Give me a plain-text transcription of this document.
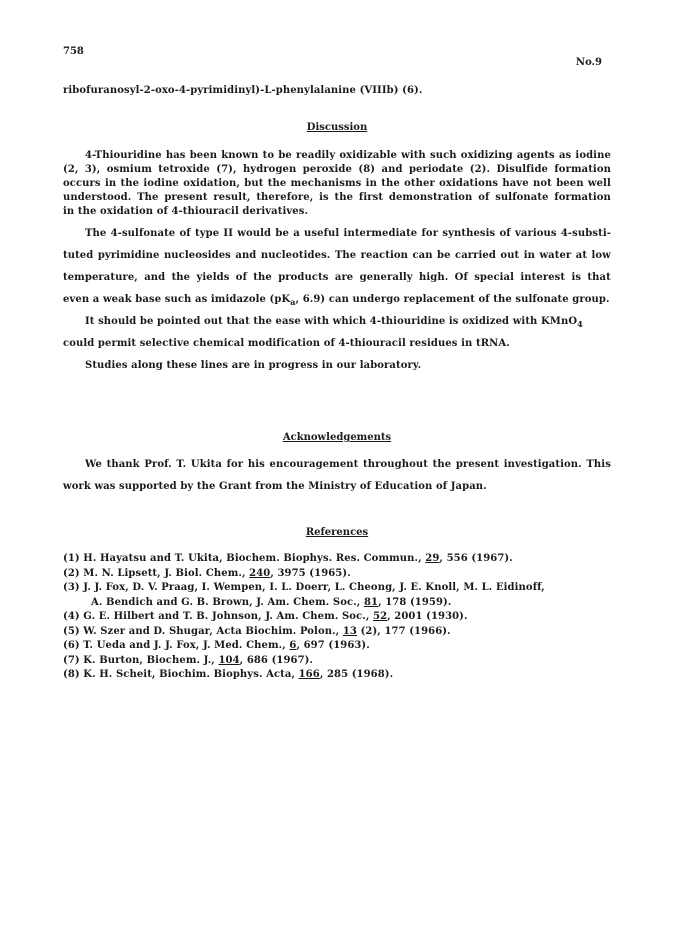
758
No.9
ribofuranosyl-2-oxo-4-pyrimidinyl)-L-phenylalanine (VIIIb) (6).
Discussion
4-Thiouridine has been known to be readily oxidizable with such oxidizing agents as iodine
(2, 3), osmium tetroxide (7), hydrogen peroxide (8) and periodate (2). Disulfide formation
occurs in the iodine oxidation, but the mechanisms in the other oxidations have not been well
understood. The present result, therefore, is the first demonstration of sulfonate formation
in the oxidation of 4-thiouracil derivatives.
The 4-sulfonate of type II would be a useful intermediate for synthesis of various 4-substi-
tuted pyrimidine nucleosides and nucleotides. The reaction can be carried out in water at low
temperature, and the yields of the products are generally high. Of special interest is that
even a weak base such as imidazole ($pK_a$, 6.9) can undergo replacement of the sulfonate group.
It should be pointed out that the ease with which 4-thiouridine is oxidized with KMnO$_4$
could permit selective chemical modification of 4-thiouracil residues in tRNA.
Studies along these lines are in progress in our laboratory.
Acknowledgements
We thank Prof. T. Ukita for his encouragement throughout the present investigation. This
work was supported by the Grant from the Ministry of Education of Japan.
References
(1) H. Hayatsu and T. Ukita, Biochem. Biophys. Res. Commun., 29, 556 (1967).
(2) M. N. Lipsett, J. Biol. Chem., 240, 3975 (1965).
(3) J. J. Fox, D. V. Praag, I. Wempen, I. L. Doerr, L. Cheong, J. E. Knoll, M. L. Eidinoff,
A. Bendich and G. B. Brown, J. Am. Chem. Soc., 81, 178 (1959).
(4) G. E. Hilbert and T. B. Johnson, J. Am. Chem. Soc., 52, 2001 (1930).
(5) W. Szer and D. Shugar, Acta Biochim. Polon., 13 (2), 177 (1966).
(6) T. Ueda and J. J. Fox, J. Med. Chem., 6, 697 (1963).
(7) K. Burton, Biochem. J., 104, 686 (1967).
(8) K. H. Scheit, Biochim. Biophys. Acta, 166, 285 (1968).
